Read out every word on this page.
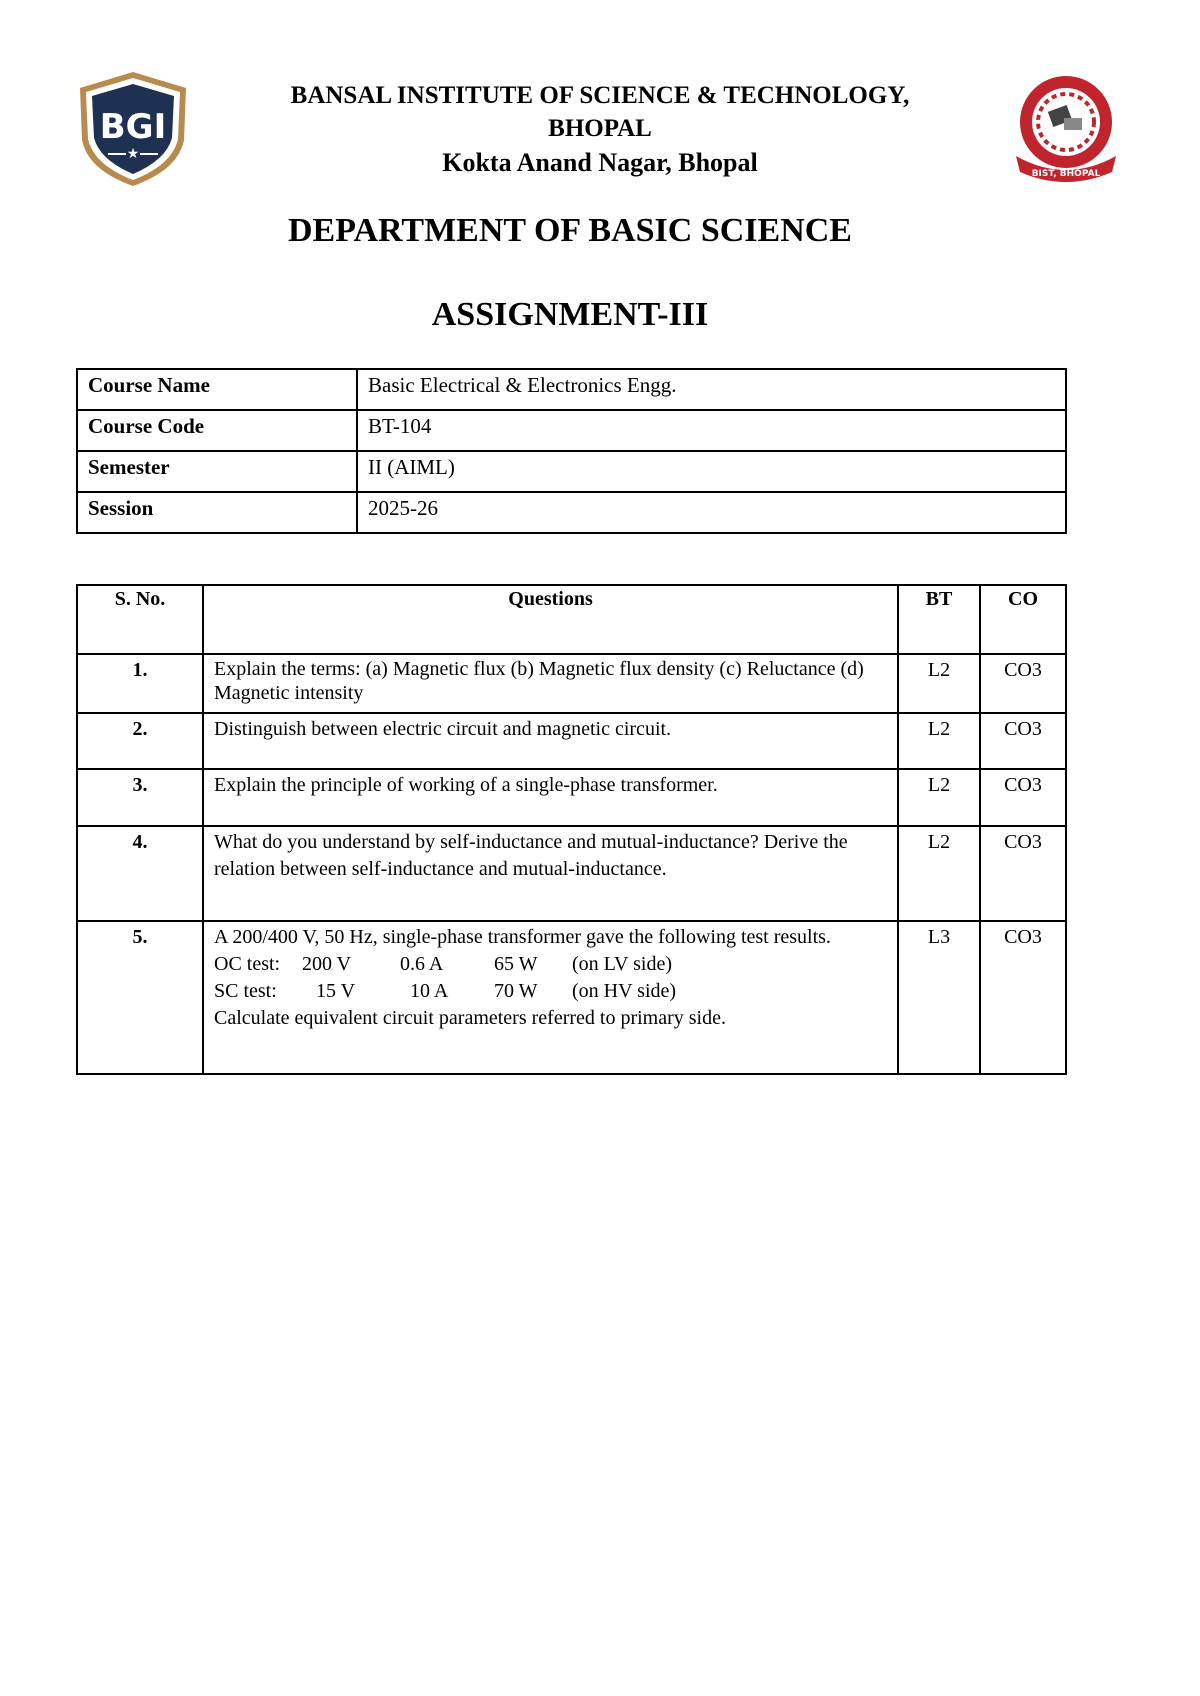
BGI
★
BIST, BHOPAL
BANSAL INSTITUTE OF SCIENCE & TECHNOLOGY,
BHOPAL
Kokta Anand Nagar, Bhopal
DEPARTMENT OF BASIC SCIENCE
ASSIGNMENT-III
Course Name	Basic Electrical & Electronics Engg.
Course Code	BT-104
Semester	II (AIML)
Session	2025-26
S. No.	Questions	BT	CO
1.	Explain the terms: (a) Magnetic flux (b) Magnetic flux density (c) Reluctance (d) Magnetic intensity	L2	CO3
2.	Distinguish between electric circuit and magnetic circuit.	L2	CO3
3.	Explain the principle of working of a single-phase transformer.	L2	CO3
4.	What do you understand by self-inductance and mutual-inductance? Derive the relation between self-inductance and mutual-inductance.	L2	CO3
5.	A 200/400 V, 50 Hz, single-phase transformer gave the following test results.
OC test: 200 V 0.6 A 65 W (on LV side)
SC test: 15 V 10 A 70 W (on HV side)
Calculate equivalent circuit parameters referred to primary side.	L3	CO3
